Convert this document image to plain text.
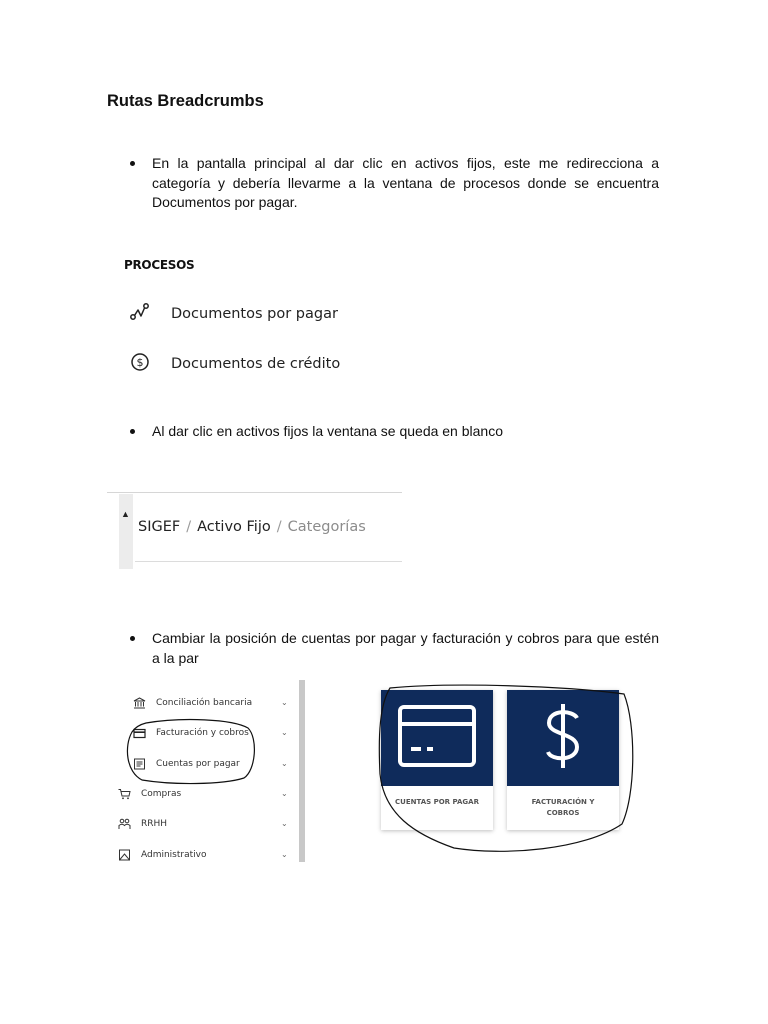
Rutas Breadcrumbs
En la pantalla principal al dar clic en activos fijos, este me redirecciona a categoría y debería llevarme a la ventana de procesos donde se encuentra Documentos por pagar.
PROCESOS
Documentos por pagar
$ Documentos de crédito
Al dar clic en activos fijos la ventana se queda en blanco
▲
SIGEF / Activo Fijo / Categorías
Cambiar la posición de cuentas por pagar y facturación y cobros para que estén a la par
Conciliación bancaria	⌄
Facturación y cobros	⌄
Cuentas por pagar	⌄
Compras	⌄
RRHH	⌄
Administrativo	⌄
CUENTAS POR PAGAR	FACTURACIÓN Y
COBROS
